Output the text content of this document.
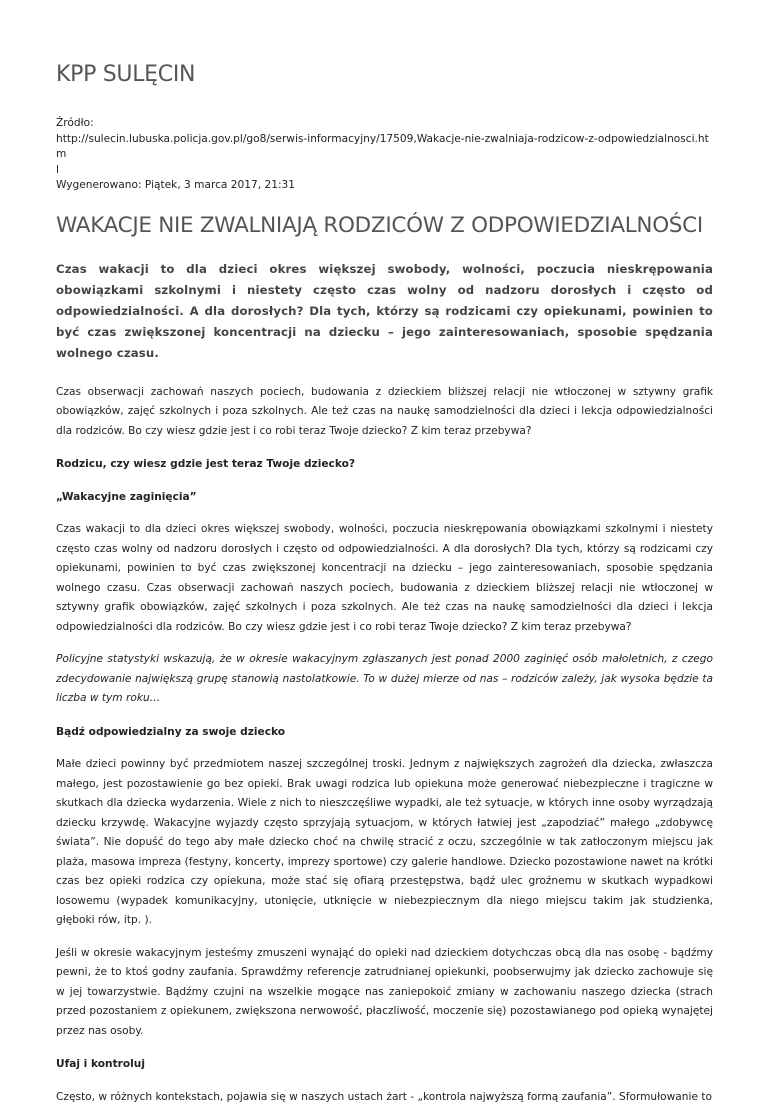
KPP SULĘCIN
Źródło:
http://sulecin.lubuska.policja.gov.pl/go8/serwis-informacyjny/17509,Wakacje-nie-zwalniaja-rodzicow-z-odpowiedzialnosci.htm
l
Wygenerowano: Piątek, 3 marca 2017, 21:31
WAKACJE NIE ZWALNIAJĄ RODZICÓW Z ODPOWIEDZIALNOŚCI
Czas wakacji to dla dzieci okres większej swobody, wolności, poczucia nieskrępowania obowiązkami szkolnymi i niestety często czas wolny od nadzoru dorosłych i często od odpowiedzialności. A dla dorosłych? Dla tych, którzy są rodzicami czy opiekunami, powinien to być czas zwiększonej koncentracji na dziecku – jego zainteresowaniach, sposobie spędzania wolnego czasu.

Czas obserwacji zachowań naszych pociech, budowania z dzieckiem bliższej relacji nie wtłoczonej w sztywny grafik obowiązków, zajęć szkolnych i poza szkolnych. Ale też czas na naukę samodzielności dla dzieci i lekcja odpowiedzialności dla rodziców. Bo czy wiesz gdzie jest i co robi teraz Twoje dziecko? Z kim teraz przebywa?

Rodzicu, czy wiesz gdzie jest teraz Twoje dziecko?

„Wakacyjne zaginięcia”

Czas wakacji to dla dzieci okres większej swobody, wolności, poczucia nieskrępowania obowiązkami szkolnymi i niestety często czas wolny od nadzoru dorosłych i często od odpowiedzialności. A dla dorosłych? Dla tych, którzy są rodzicami czy opiekunami, powinien to być czas zwiększonej koncentracji na dziecku – jego zainteresowaniach, sposobie spędzania wolnego czasu. Czas obserwacji zachowań naszych pociech, budowania z dzieckiem bliższej relacji nie wtłoczonej w sztywny grafik obowiązków, zajęć szkolnych i poza szkolnych. Ale też czas na naukę samodzielności dla dzieci i lekcja odpowiedzialności dla rodziców. Bo czy wiesz gdzie jest i co robi teraz Twoje dziecko? Z kim teraz przebywa?

Policyjne statystyki wskazują, że w okresie wakacyjnym zgłaszanych jest ponad 2000 zaginięć osób małoletnich, z czego zdecydowanie największą grupę stanowią nastolatkowie. To w dużej mierze od nas – rodziców zależy, jak wysoka będzie ta liczba w tym roku…

Bądź odpowiedzialny za swoje dziecko

Małe dzieci powinny być przedmiotem naszej szczególnej troski. Jednym z największych zagrożeń dla dziecka, zwłaszcza małego, jest pozostawienie go bez opieki. Brak uwagi rodzica lub opiekuna może generować niebezpieczne i tragiczne w skutkach dla dziecka wydarzenia. Wiele z nich to nieszczęśliwe wypadki, ale też sytuacje, w których inne osoby wyrządzają dziecku krzywdę. Wakacyjne wyjazdy często sprzyjają sytuacjom, w których łatwiej jest „zapodziać” małego „zdobywcę świata”. Nie dopuść do tego aby małe dziecko choć na chwilę stracić z oczu, szczególnie w tak zatłoczonym miejscu jak plaża, masowa impreza (festyny, koncerty, imprezy sportowe) czy galerie handlowe. Dziecko pozostawione nawet na krótki czas bez opieki rodzica czy opiekuna, może stać się ofiarą przestępstwa, bądź ulec groźnemu w skutkach wypadkowi losowemu (wypadek komunikacyjny, utonięcie, utknięcie w niebezpiecznym dla niego miejscu takim jak studzienka, głęboki rów, itp. ).

Jeśli w okresie wakacyjnym jesteśmy zmuszeni wynająć do opieki nad dzieckiem dotychczas obcą dla nas osobę - bądźmy pewni, że to ktoś godny zaufania. Sprawdźmy referencje zatrudnianej opiekunki, poobserwujmy jak dziecko zachowuje się w jej towarzystwie. Bądźmy czujni na wszelkie mogące nas zaniepokoić zmiany w zachowaniu naszego dziecka (strach przed pozostaniem z opiekunem, zwiększona nerwowość, płaczliwość, moczenie się) pozostawianego pod opieką wynajętej przez nas osoby.

Ufaj i kontroluj

Często, w różnych kontekstach, pojawia się w naszych ustach żart - „kontrola najwyższą formą zaufania”. Sformułowanie to
